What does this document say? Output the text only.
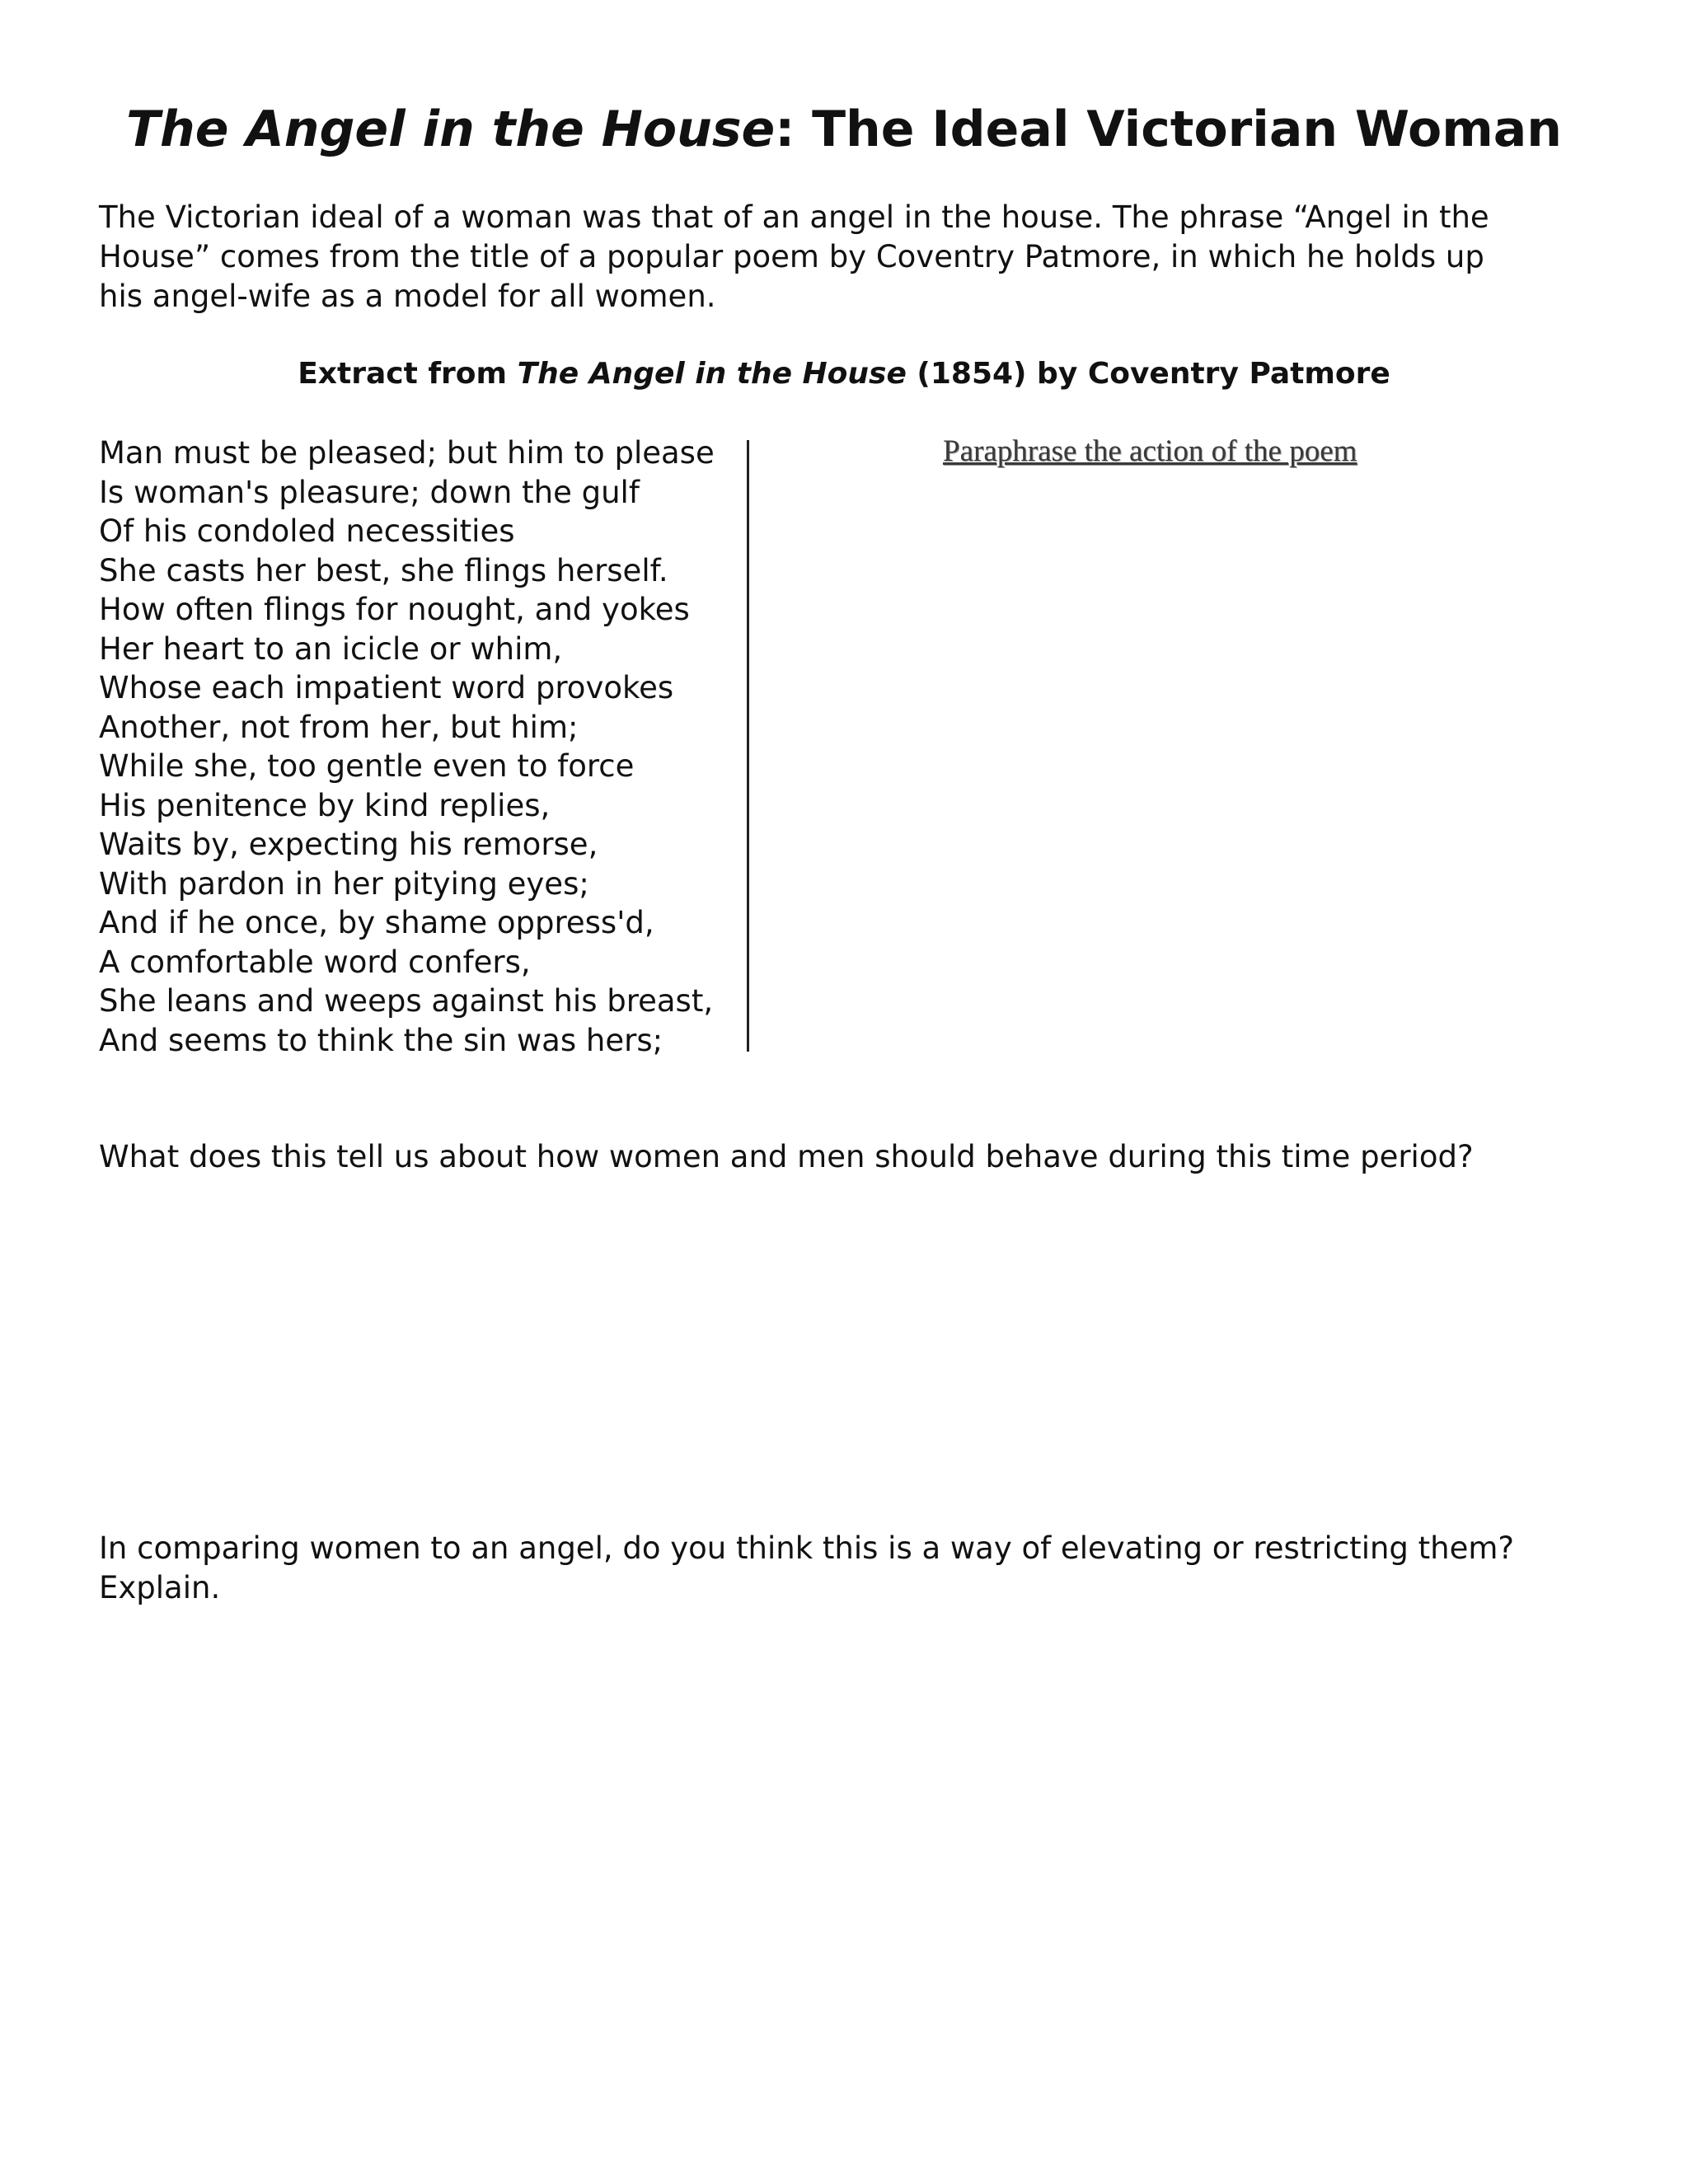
The Angel in the House: The Ideal Victorian Woman

The Victorian ideal of a woman was that of an angel in the house. The phrase “Angel in the
House” comes from the title of a popular poem by Coventry Patmore, in which he holds up
his angel-wife as a model for all women.

Extract from The Angel in the House (1854) by Coventry Patmore
Man must be pleased; but him to please
Is woman's pleasure; down the gulf
Of his condoled necessities
She casts her best, she flings herself.
How often flings for nought, and yokes
Her heart to an icicle or whim,
Whose each impatient word provokes
Another, not from her, but him;
While she, too gentle even to force
His penitence by kind replies,
Waits by, expecting his remorse,
With pardon in her pitying eyes;
And if he once, by shame oppress'd,
A comfortable word confers,
She leans and weeps against his breast,
And seems to think the sin was hers;
Paraphrase the action of the poem

What does this tell us about how women and men should behave during this time period?

In comparing women to an angel, do you think this is a way of elevating or restricting them?
Explain.
